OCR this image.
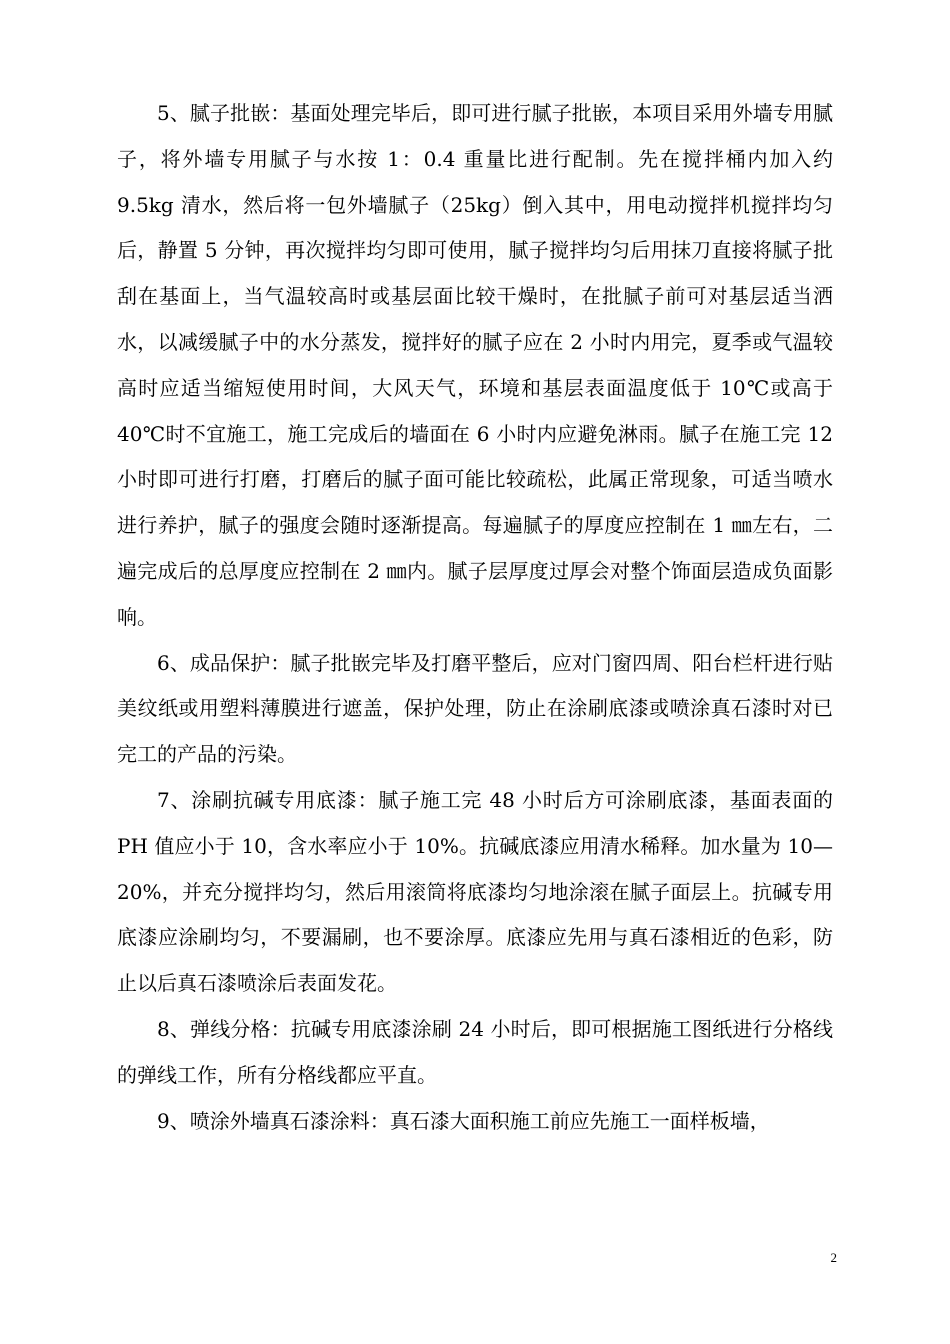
5、腻子批嵌：基面处理完毕后，即可进行腻子批嵌，本项目采用外墙专用腻子，将外墙专用腻子与水按 1：0.4 重量比进行配制。先在搅拌桶内加入约 9.5kg 清水，然后将一包外墙腻子（25kg）倒入其中，用电动搅拌机搅拌均匀后，静置 5 分钟，再次搅拌均匀即可使用，腻子搅拌均匀后用抹刀直接将腻子批刮在基面上，当气温较高时或基层面比较干燥时，在批腻子前可对基层适当洒水，以减缓腻子中的水分蒸发，搅拌好的腻子应在 2 小时内用完，夏季或气温较高时应适当缩短使用时间，大风天气，环境和基层表面温度低于 10℃或高于 40℃时不宜施工，施工完成后的墙面在 6 小时内应避免淋雨。腻子在施工完 12 小时即可进行打磨，打磨后的腻子面可能比较疏松，此属正常现象，可适当喷水进行养护，腻子的强度会随时逐渐提高。每遍腻子的厚度应控制在 1 ㎜左右，二遍完成后的总厚度应控制在 2 ㎜内。腻子层厚度过厚会对整个饰面层造成负面影响。

6、成品保护：腻子批嵌完毕及打磨平整后，应对门窗四周、阳台栏杆进行贴美纹纸或用塑料薄膜进行遮盖，保护处理，防止在涂刷底漆或喷涂真石漆时对已完工的产品的污染。

7、涂刷抗碱专用底漆：腻子施工完 48 小时后方可涂刷底漆，基面表面的 PH 值应小于 10，含水率应小于 10%。抗碱底漆应用清水稀释。加水量为 10—20%，并充分搅拌均匀，然后用滚筒将底漆均匀地涂滚在腻子面层上。抗碱专用底漆应涂刷均匀，不要漏刷，也不要涂厚。底漆应先用与真石漆相近的色彩，防止以后真石漆喷涂后表面发花。

8、弹线分格：抗碱专用底漆涂刷 24 小时后，即可根据施工图纸进行分格线的弹线工作，所有分格线都应平直。

9、喷涂外墙真石漆涂料：真石漆大面积施工前应先施工一面样板墙，

2
